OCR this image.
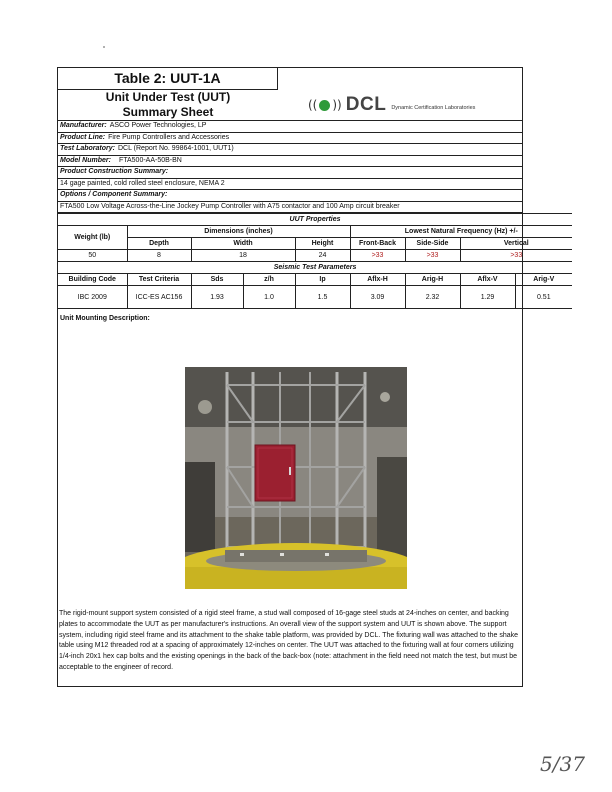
Table 2: UUT-1A
Unit Under Test (UUT)
Summary Sheet	(( )) DCL Dynamic Certification Laboratories
Manufacturer: ASCO Power Technologies, LP
Product Line: Fire Pump Controllers and Accessories
Test Laboratory: DCL (Report No. 99864-1001, UUT1)
Model Number: FTA500-AA-50B-BN
Product Construction Summary:
14 gage painted, cold rolled steel enclosure, NEMA 2
Options / Component Summary:
FTA500 Low Voltage Across-the-Line Jockey Pump Controller with A75 contactor and 100 Amp circuit breaker
UUT Properties								
Weight (lb)	Dimensions (inches)				Lowest Natural Frequency (Hz) +/-			
	Depth	Width		Height	Front-Back	Side-Side	Vertical	
50	8	18		24	>33	>33	>33	
Seismic Test Parameters								
Building Code	Test Criteria	Sds	z/h	Ip	Aflx-H	Arig-H	Aflx-V	Arig-V
IBC 2009	ICC-ES AC156	1.93	1.0	1.5	3.09	2.32	1.29	0.51
Unit Mounting Description:
The rigid-mount support system consisted of a rigid steel frame, a stud wall composed of 16-gage steel studs at 24-inches on center, and backing plates to accommodate the UUT as per manufacturer's instructions. An overall view of the support system and UUT is shown above. The support system, including rigid steel frame and its attachment to the shake table platform, was provided by DCL. The fixturing wall was attached to the shake table using M12 threaded rod at a spacing of approximately 12-inches on center. The UUT was attached to the fixturing wall at four corners utilizing 1/4-inch 20x1 hex cap bolts and the existing openings in the back of the back-box (note: attachment in the field need not match the test, but must be acceptable to the engineer of record.
5/37
